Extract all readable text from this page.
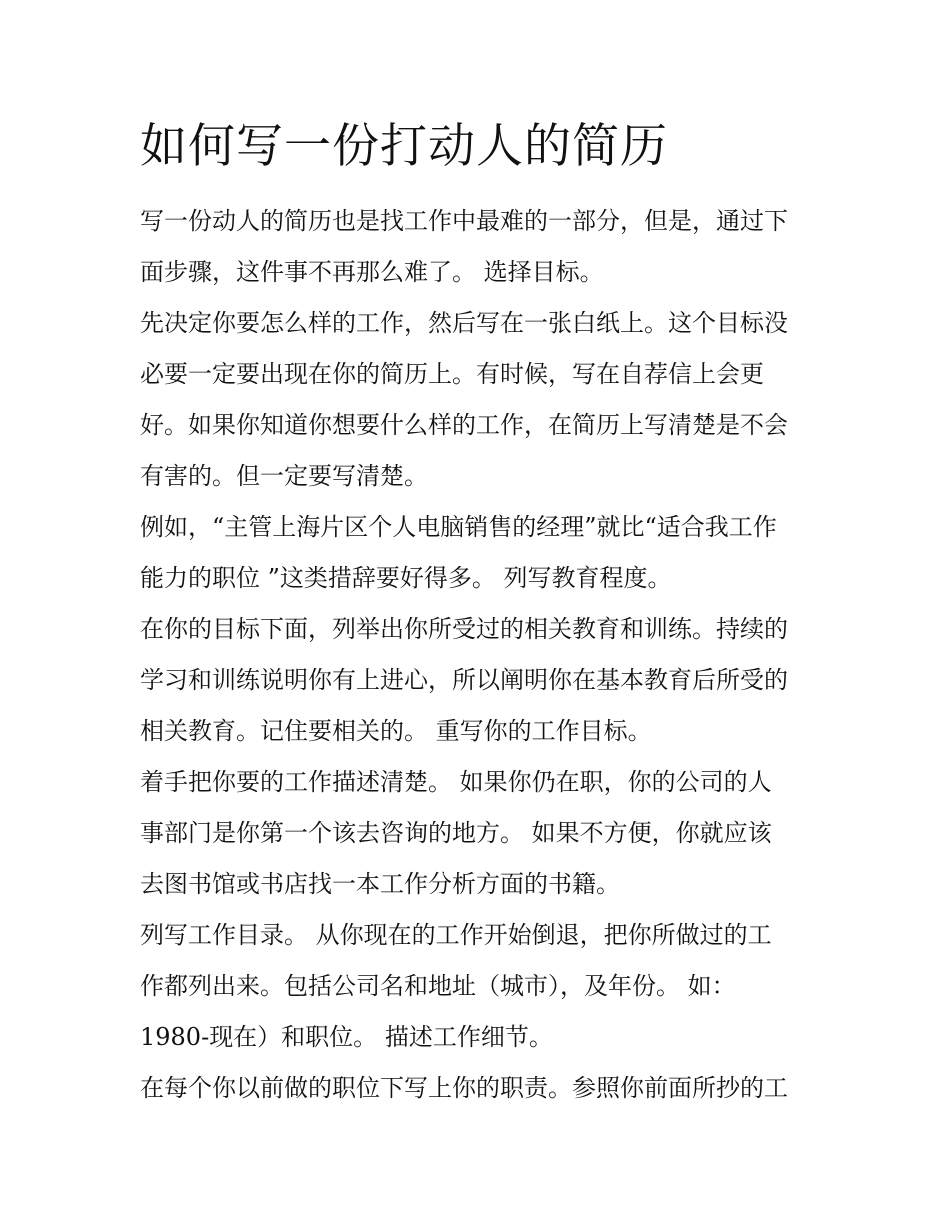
如何写一份打动人的简历
写一份动人的简历也是找工作中最难的一部分，但是，通过下
面步骤，这件事不再那么难了。 选择目标。
先决定你要怎么样的工作，然后写在一张白纸上。这个目标没
必要一定要出现在你的简历上。有时候，写在自荐信上会更
好。如果你知道你想要什么样的工作，在简历上写清楚是不会
有害的。但一定要写清楚。
例如，“主管上海片区个人电脑销售的经理”就比“适合我工作
能力的职位 ”这类措辞要好得多。 列写教育程度。
在你的目标下面，列举出你所受过的相关教育和训练。持续的
学习和训练说明你有上进心，所以阐明你在基本教育后所受的
相关教育。记住要相关的。 重写你的工作目标。
着手把你要的工作描述清楚。 如果你仍在职，你的公司的人
事部门是你第一个该去咨询的地方。 如果不方便，你就应该
去图书馆或书店找一本工作分析方面的书籍。
列写工作目录。 从你现在的工作开始倒退，把你所做过的工
作都列出来。包括公司名和地址（城市），及年份。 如：
1980-现在）和职位。 描述工作细节。
在每个你以前做的职位下写上你的职责。参照你前面所抄的工
